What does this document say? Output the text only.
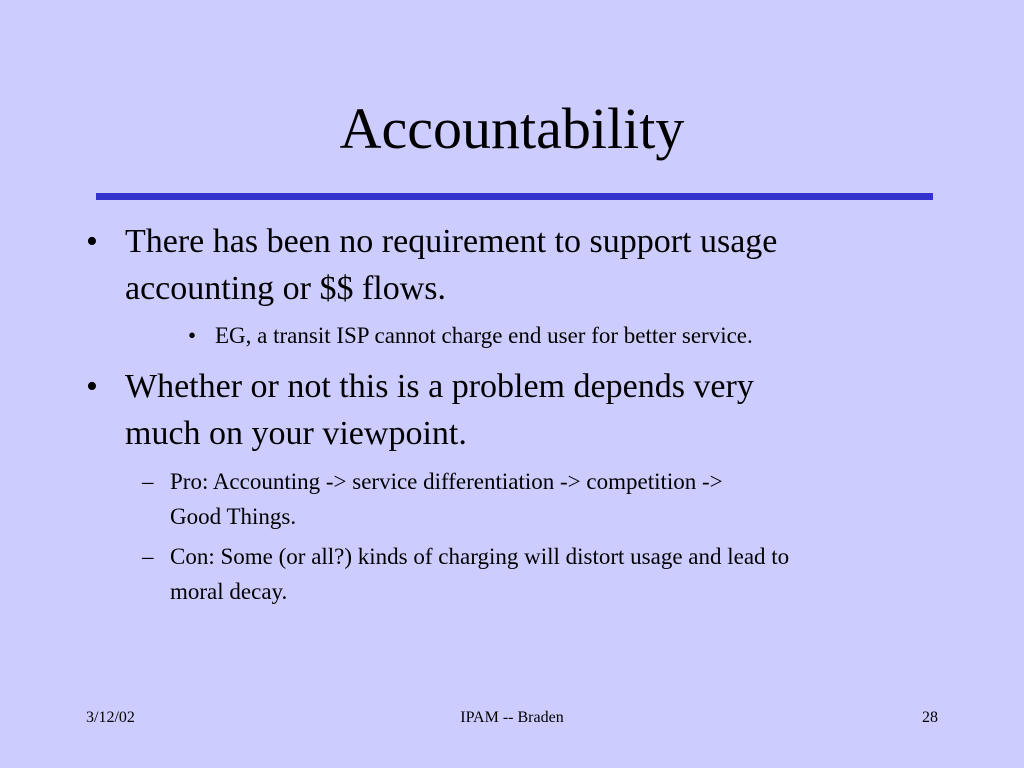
Accountability
• There has been no requirement to support usage
accounting or $$ flows.
• EG, a transit ISP cannot charge end user for better service.
• Whether or not this is a problem depends very
much on your viewpoint.
– Pro: Accounting -> service differentiation -> competition ->
Good Things.
– Con: Some (or all?) kinds of charging will distort usage and lead to
moral decay.
3/12/02	IPAM -- Braden	28
